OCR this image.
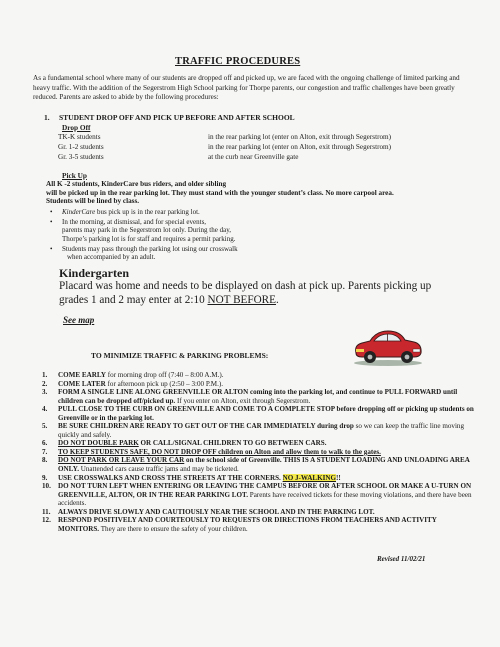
TRAFFIC PROCEDURES
As a fundamental school where many of our students are dropped off and picked up, we are faced with the ongoing challenge of limited parking and heavy traffic. With the addition of the Segerstrom High School parking for Thorpe parents, our congestion and traffic challenges have been greatly reduced. Parents are asked to abide by the following procedures:
1. STUDENT DROP OFF AND PICK UP BEFORE AND AFTER SCHOOL
Drop Off
TK-K students	in the rear parking lot (enter on Alton, exit through Segerstrom)
Gr. 1-2 students	in the rear parking lot (enter on Alton, exit through Segerstrom)
Gr. 3-5 students	at the curb near Greenville gate
Pick Up
All K -2 students, KinderCare bus riders, and older sibling
will be picked up in the rear parking lot. They must stand with the younger student’s class. No more carpool area.
Students will be lined by class.
• KinderCare bus pick up is in the rear parking lot.
• In the morning, at dismissal, and for special events,
parents may park in the Segerstrom lot only. During the day,
Thorpe’s parking lot is for staff and requires a permit parking.
• Students may pass through the parking lot using our crosswalk
when accompanied by an adult.
Kindergarten
Placard was home and needs to be displayed on dash at pick up. Parents picking up grades 1 and 2 may enter at 2:10 NOT BEFORE.
See map
TO MINIMIZE TRAFFIC & PARKING PROBLEMS:
1. COME EARLY for morning drop off (7:40 – 8:00 A.M.).
2. COME LATER for afternoon pick up (2:50 – 3:00 P.M.).
3. FORM A SINGLE LINE ALONG GREENVILLE OR ALTON coming into the parking lot, and continue to PULL FORWARD until children can be dropped off/picked up. If you enter on Alton, exit through Segerstrom.
4. PULL CLOSE TO THE CURB ON GREENVILLE AND COME TO A COMPLETE STOP before dropping off or picking up students on Greenville or in the parking lot.
5. BE SURE CHILDREN ARE READY TO GET OUT OF THE CAR IMMEDIATELY during drop so we can keep the traffic line moving quickly and safely.
6. DO NOT DOUBLE PARK OR CALL/SIGNAL CHILDREN TO GO BETWEEN CARS.
7. TO KEEP STUDENTS SAFE, DO NOT DROP OFF children on Alton and allow them to walk to the gates.
8. DO NOT PARK OR LEAVE YOUR CAR on the school side of Greenville. THIS IS A STUDENT LOADING AND UNLOADING AREA ONLY. Unattended cars cause traffic jams and may be ticketed.
9. USE CROSSWALKS AND CROSS THE STREETS AT THE CORNERS. NO J-WALKING!!
10. DO NOT TURN LEFT WHEN ENTERING OR LEAVING THE CAMPUS BEFORE OR AFTER SCHOOL OR MAKE A U-TURN ON GREENVILLE, ALTON, OR IN THE REAR PARKING LOT. Parents have received tickets for these moving violations, and there have been accidents.
11. ALWAYS DRIVE SLOWLY AND CAUTIOUSLY NEAR THE SCHOOL AND IN THE PARKING LOT.
12. RESPOND POSITIVELY AND COURTEOUSLY TO REQUESTS OR DIRECTIONS FROM TEACHERS AND ACTIVITY MONITORS. They are there to ensure the safety of your children.
Revised 11/02/21
